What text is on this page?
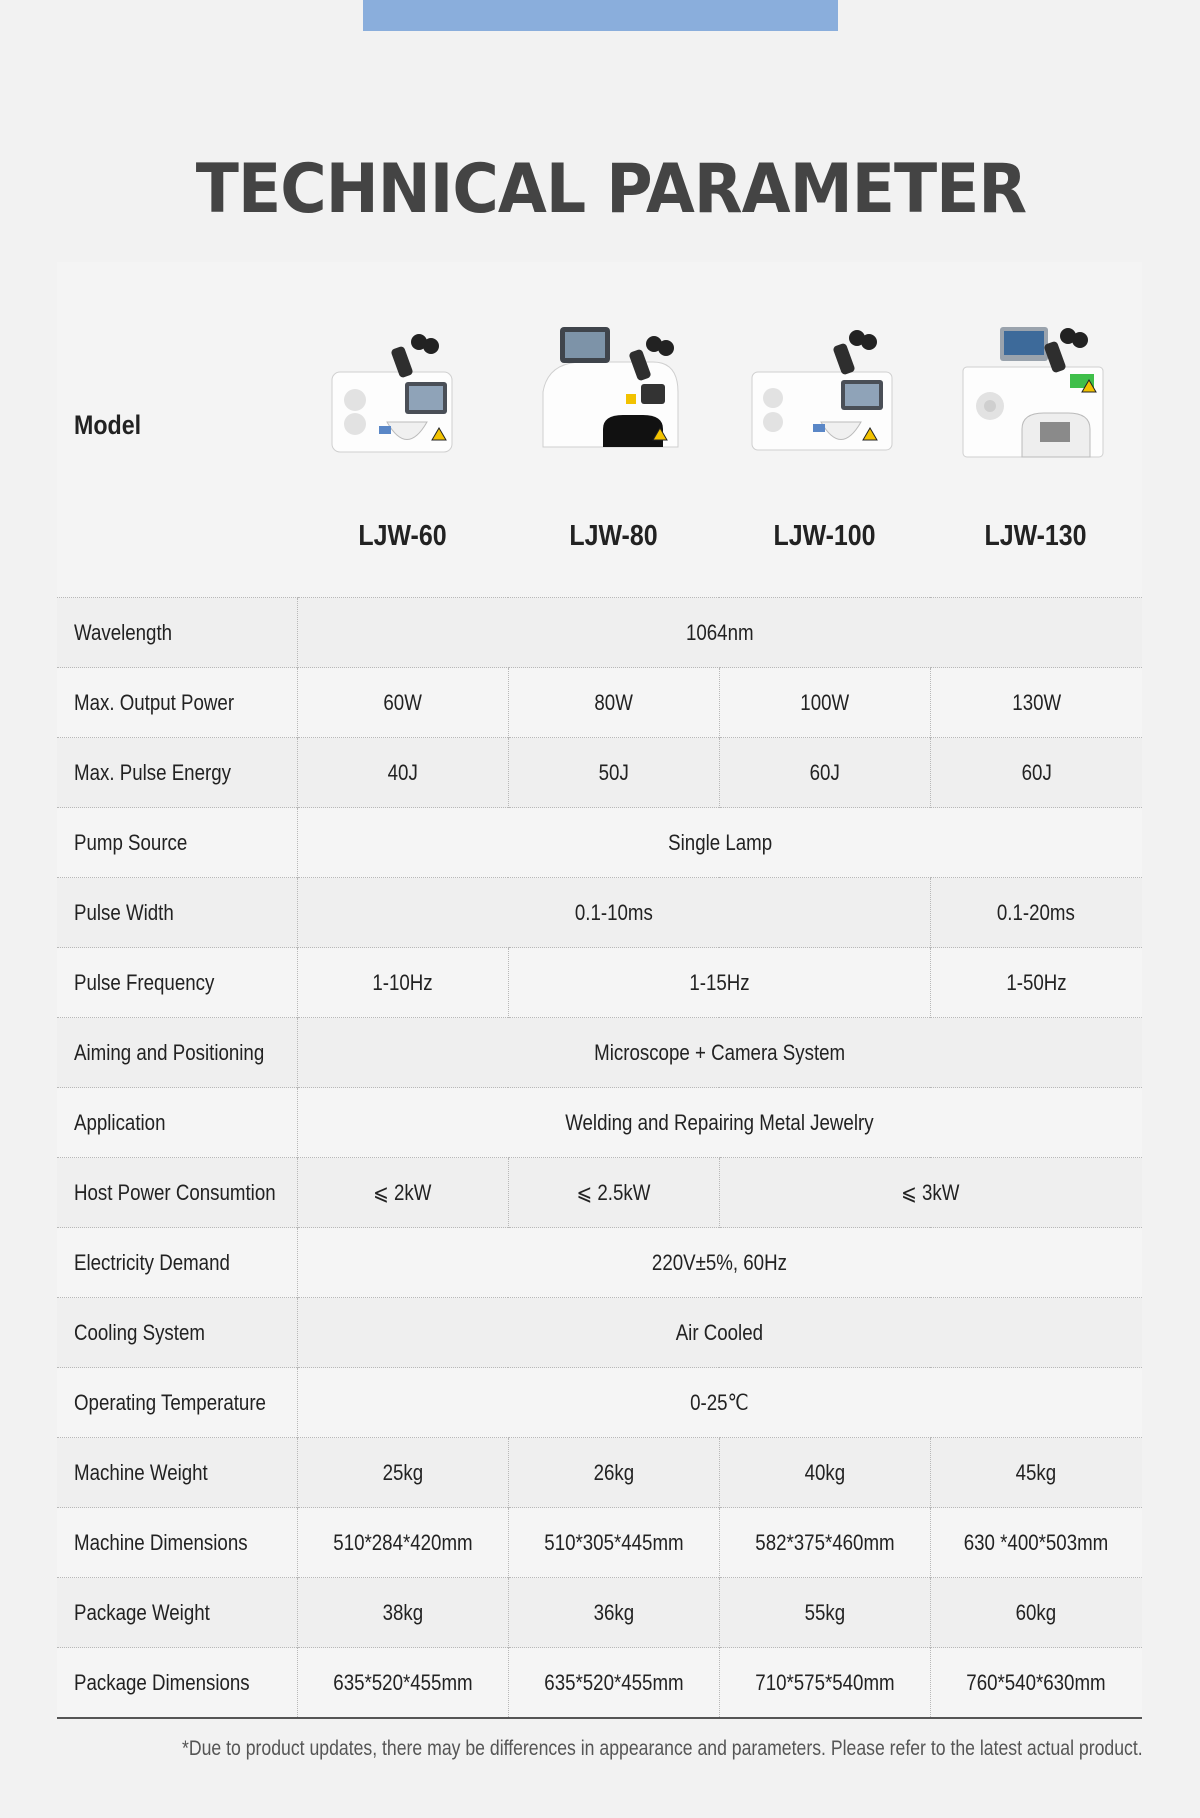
TECHNICAL PARAMETER
Model
LJW-60	LJW-80	LJW-100	LJW-130
Wavelength	1064nm			
Max. Output Power	60W	80W	100W	130W
Max. Pulse Energy	40J	50J	60J	60J
Pump Source	Single Lamp			
Pulse Width	0.1-10ms			0.1-20ms
Pulse Frequency	1-10Hz	1-15Hz		1-50Hz
Aiming and Positioning	Microscope + Camera System			
Application	Welding and Repairing Metal Jewelry			
Host Power Consumtion	⩽ 2kW	⩽ 2.5kW	⩽ 3kW	
Electricity Demand	220V±5%, 60Hz			
Cooling System	Air Cooled			
Operating Temperature	0-25℃			
Machine Weight	25kg	26kg	40kg	45kg
Machine Dimensions	510*284*420mm	510*305*445mm	582*375*460mm	630 *400*503mm
Package Weight	38kg	36kg	55kg	60kg
Package Dimensions	635*520*455mm	635*520*455mm	710*575*540mm	760*540*630mm
*Due to product updates, there may be differences in appearance and parameters. Please refer to the latest actual product.
